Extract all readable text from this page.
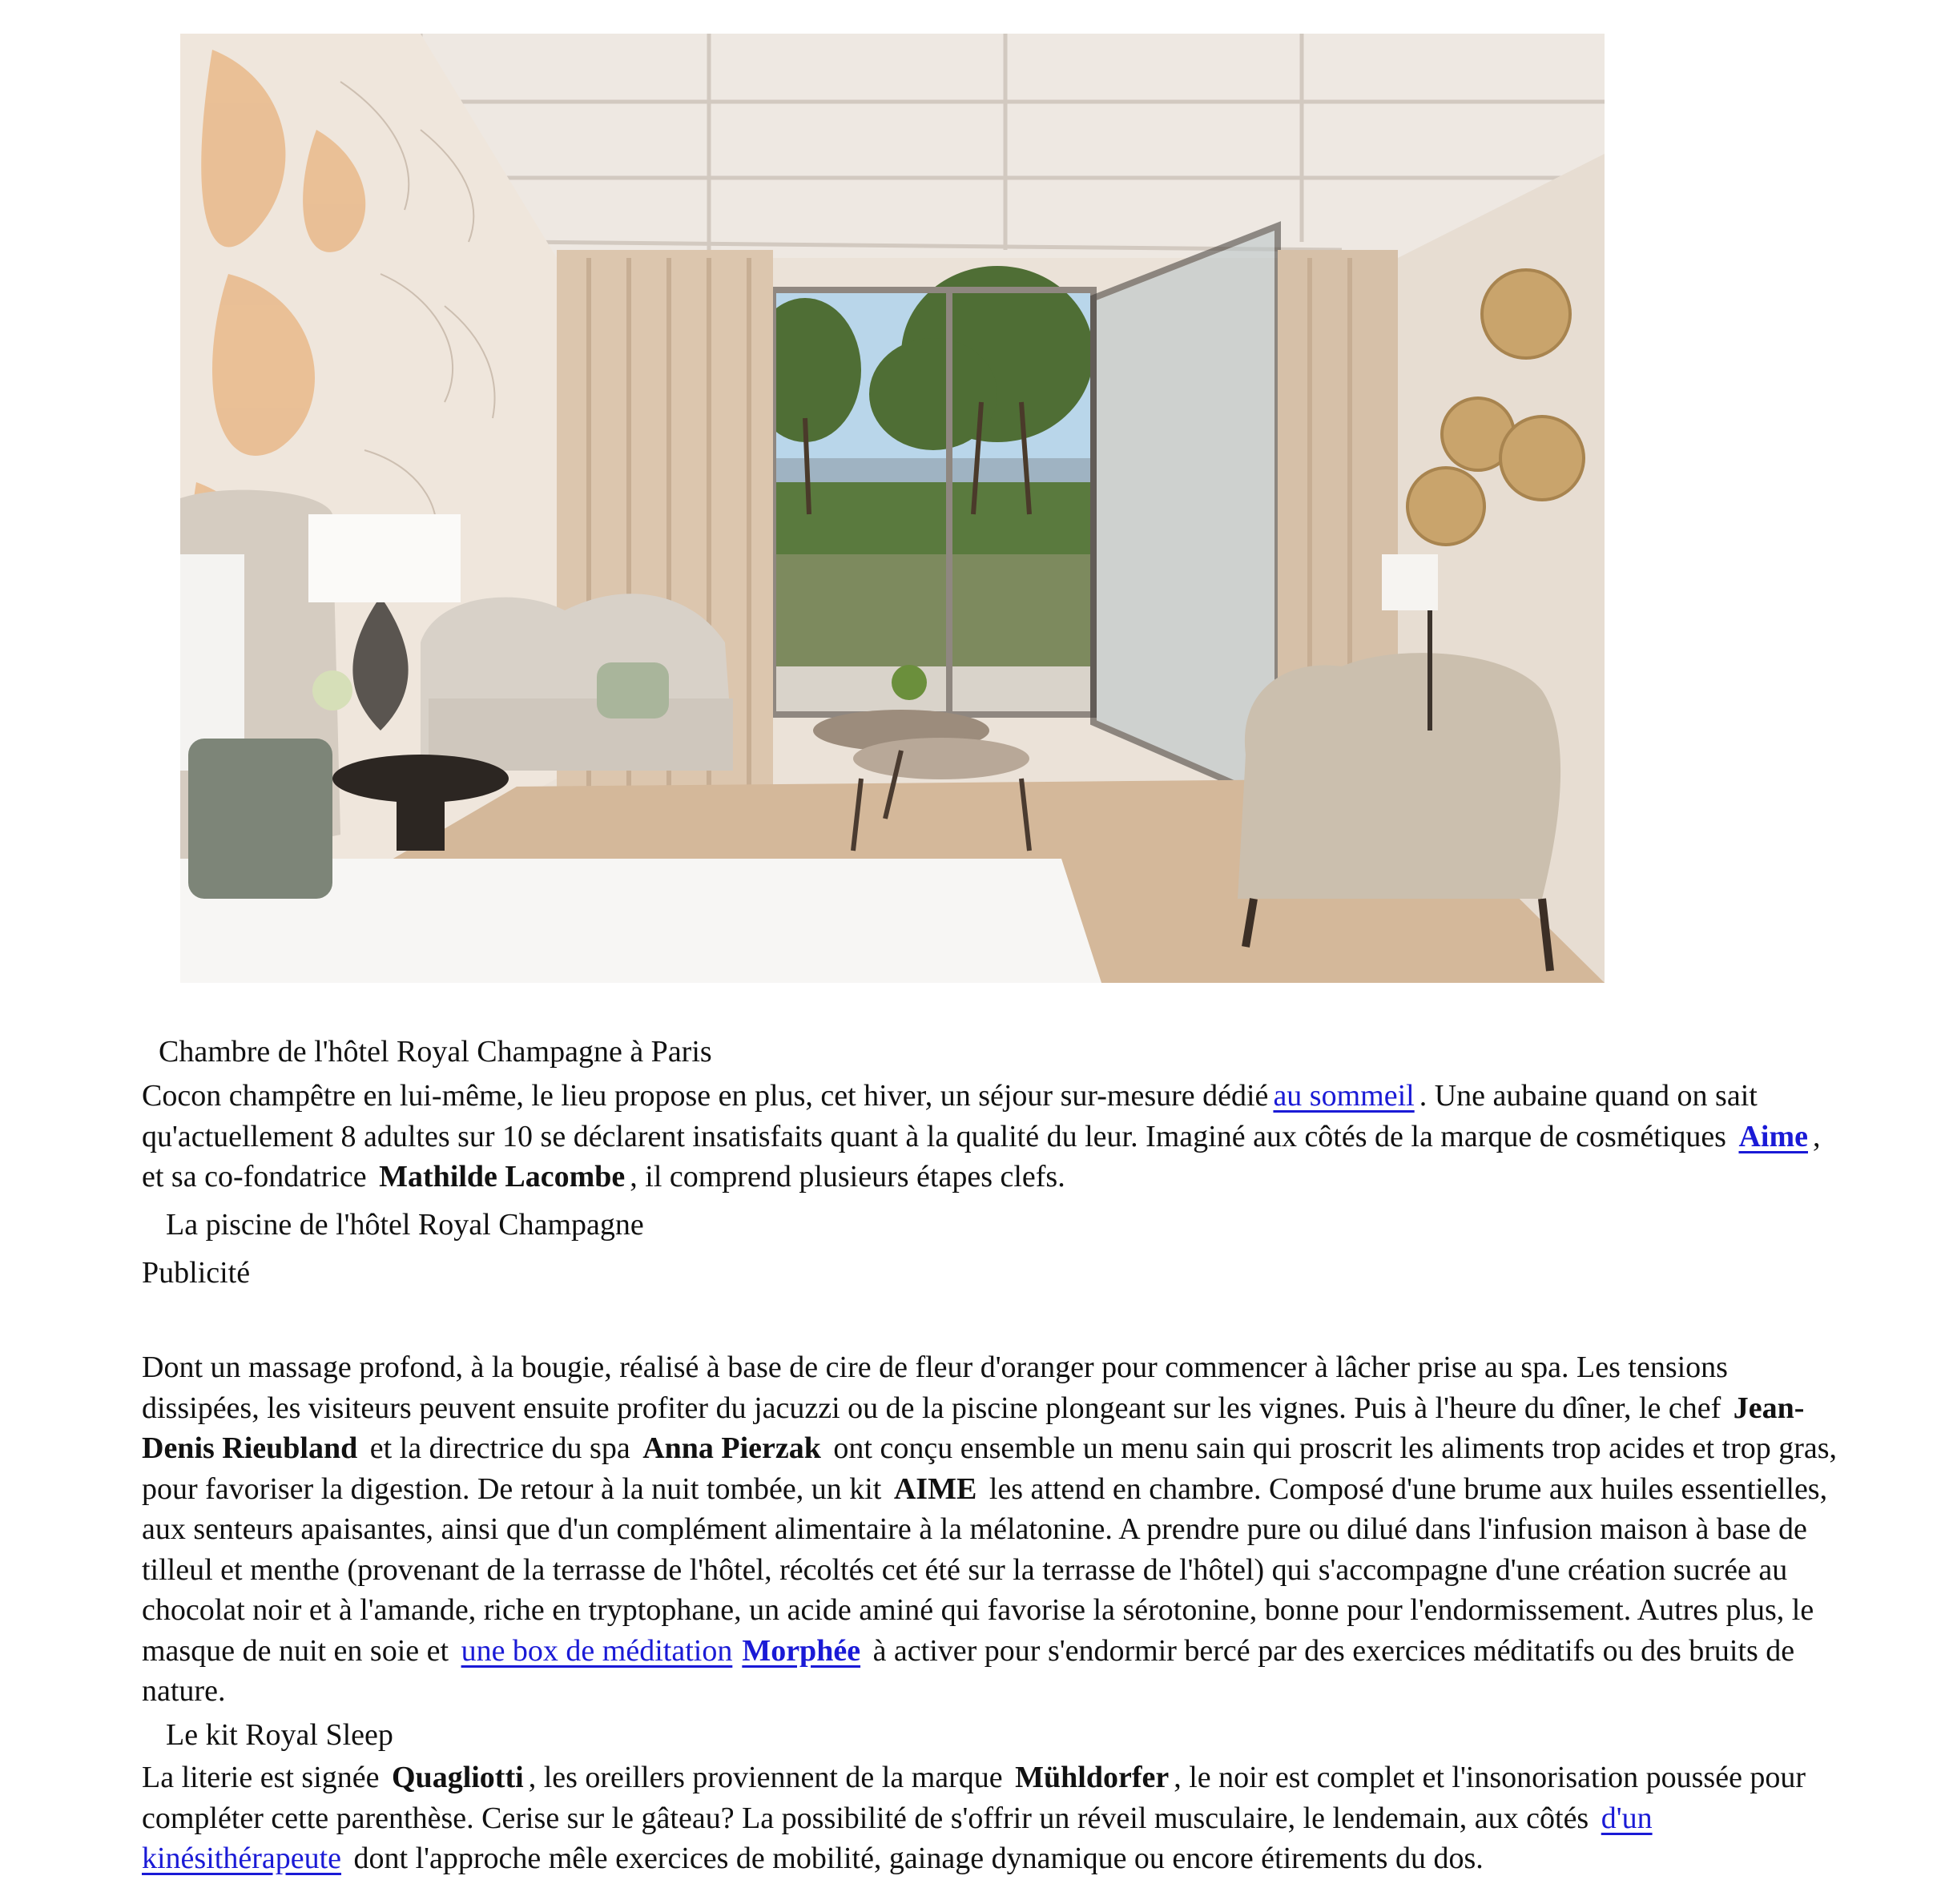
Chambre de l'hôtel Royal Champagne à Paris

Cocon champêtre en lui-même, le lieu propose en plus, cet hiver, un séjour sur-mesure dédié au sommeil . Une aubaine quand on sait qu'actuellement 8 adultes sur 10 se déclarent insatisfaits quant à la qualité du leur. Imaginé aux côtés de la marque de cosmétiques Aime , et sa co-fondatrice Mathilde Lacombe , il comprend plusieurs étapes clefs.

La piscine de l'hôtel Royal Champagne
Publicité

Dont un massage profond, à la bougie, réalisé à base de cire de fleur d'oranger pour commencer à lâcher prise au spa. Les tensions dissipées, les visiteurs peuvent ensuite profiter du jacuzzi ou de la piscine plongeant sur les vignes. Puis à l'heure du dîner, le chef Jean-Denis Rieubland et la directrice du spa Anna Pierzak ont conçu ensemble un menu sain qui proscrit les aliments trop acides et trop gras, pour favoriser la digestion. De retour à la nuit tombée, un kit AIME les attend en chambre. Composé d'une brume aux huiles essentielles, aux senteurs apaisantes, ainsi que d'un complément alimentaire à la mélatonine. A prendre pure ou dilué dans l'infusion maison à base de tilleul et menthe (provenant de la terrasse de l'hôtel, récoltés cet été sur la terrasse de l'hôtel) qui s'accompagne d'une création sucrée au chocolat noir et à l'amande, riche en tryptophane, un acide aminé qui favorise la sérotonine, bonne pour l'endormissement. Autres plus, le masque de nuit en soie et une box de méditation Morphée à activer pour s'endormir bercé par des exercices méditatifs ou des bruits de nature.

Le kit Royal Sleep

La literie est signée Quagliotti , les oreillers proviennent de la marque Mühldorfer , le noir est complet et l'insonorisation poussée pour compléter cette parenthèse. Cerise sur le gâteau? La possibilité de s'offrir un réveil musculaire, le lendemain, aux côtés d'un kinésithérapeute dont l'approche mêle exercices de mobilité, gainage dynamique ou encore étirements du dos.
